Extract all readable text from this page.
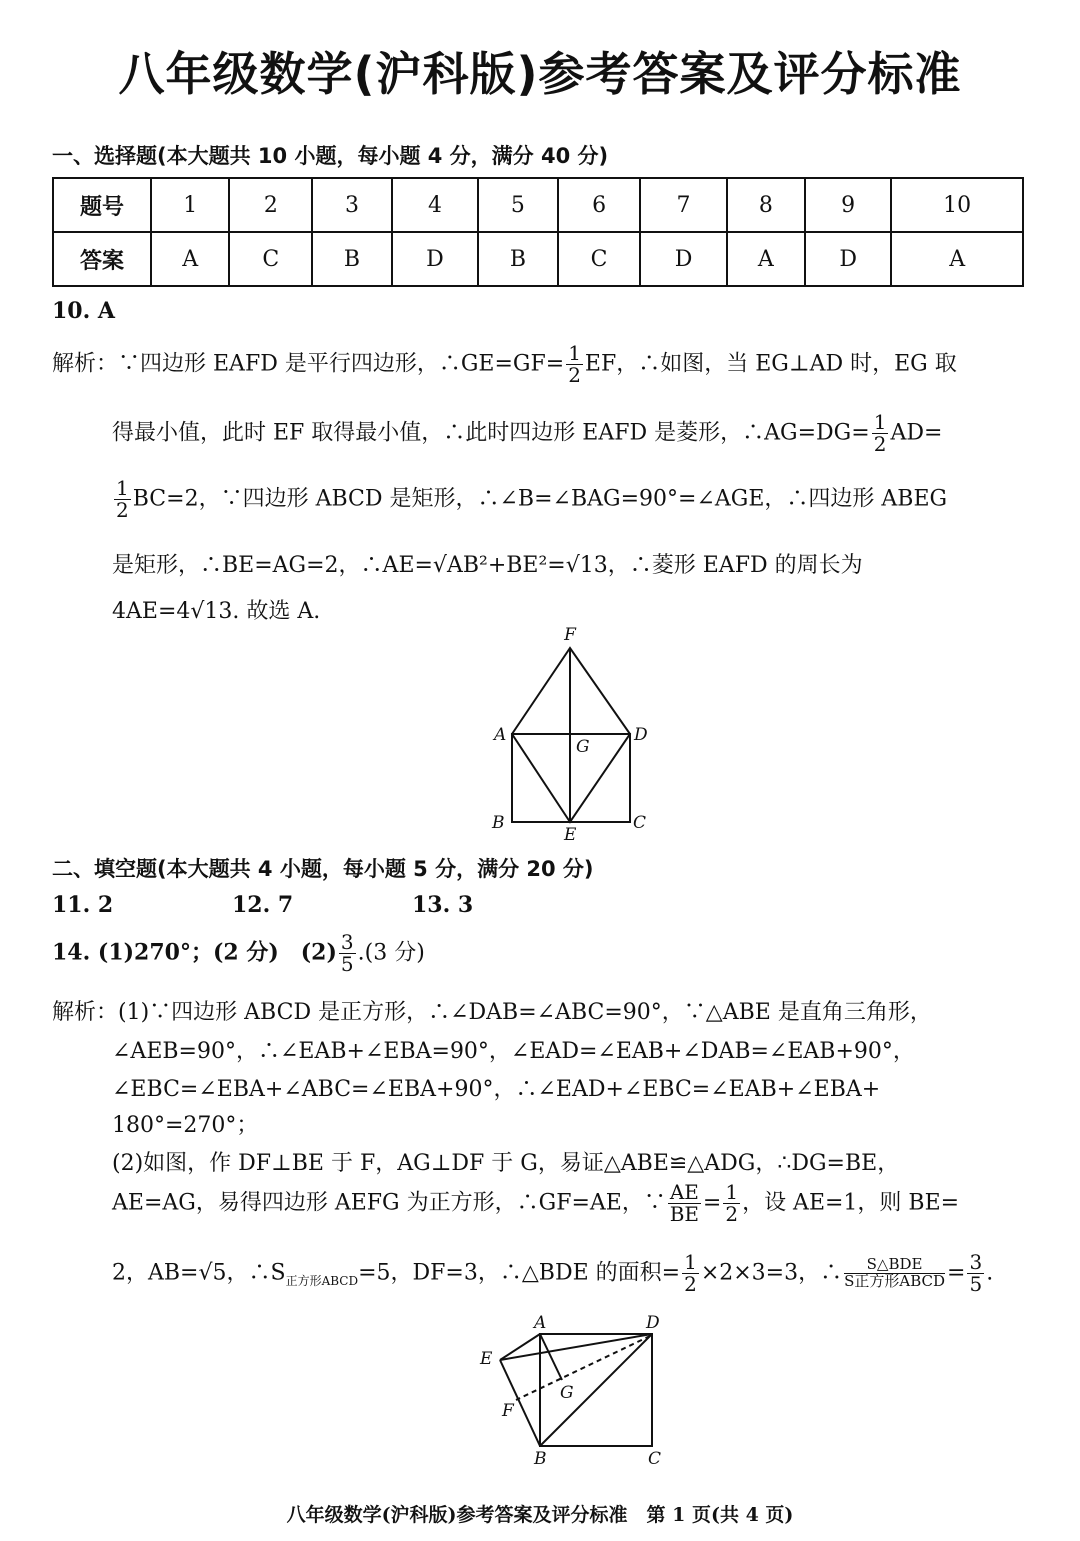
八年级数学(沪科版)参考答案及评分标准
一、选择题(本大题共 10 小题，每小题 4 分，满分 40 分)
题号	1	2	3	4	5	6	7	8	9	10
答案	A	C	B	D	B	C	D	A	D	A
10. A
解析：∵四边形 EAFD 是平行四边形，∴GE=GF= $\frac{1}{2}$ EF，∴如图，当 EG⊥AD 时，EG 取
得最小值，此时 EF 取得最小值，∴此时四边形 EAFD 是菱形，∴AG=DG= $\frac{1}{2} AD=$
$\frac{1}{2} BC=2$，∵四边形 ABCD 是矩形，∴∠B=∠BAG=90°=∠AGE，∴四边形 ABEG
是矩形，∴BE=AG=2，∴AE=√AB²+BE²=√13，∴菱形 EAFD 的周长为
4AE=4√13. 故选 A.
F
A
G
D
B
E
C
二、填空题(本大题共 4 小题，每小题 5 分，满分 20 分)
11. 2	12. 7	13. 3
14. (1)270°；(2 分)　$(2) \frac{3}{5} .(3$ 分)
解析：(1)∵四边形 ABCD 是正方形，∴∠DAB=∠ABC=90°，∵△ABE 是直角三角形，
∠AEB=90°，∴∠EAB+∠EBA=90°，∠EAD=∠EAB+∠DAB=∠EAB+90°，
∠EBC=∠EBA+∠ABC=∠EBA+90°，∴∠EAD+∠EBC=∠EAB+∠EBA+
180°=270°；
(2)如图，作 DF⊥BE 于 F，AG⊥DF 于 G，易证△ABE≌△ADG，∴DG=BE，
AE=AG，易得四边形 AEFG 为正方形，∴GF=AE，∵ $\frac{AE}{BE} = \frac{1}{2}$ ，设 AE=1，则 BE=
2，AB=√5，$\therefore S_{正方形ABCD}=5$，DF=3，∴△BDE 的面积= $\frac{1}{2} \times 2\times 3=3$，∴ $\frac{\text{S△BDE}}{\text{S正方形ABCD}} = \frac{3}{5}$ .
A	D
E
G
F
B	C
八年级数学(沪科版)参考答案及评分标准　第 1 页(共 4 页)
